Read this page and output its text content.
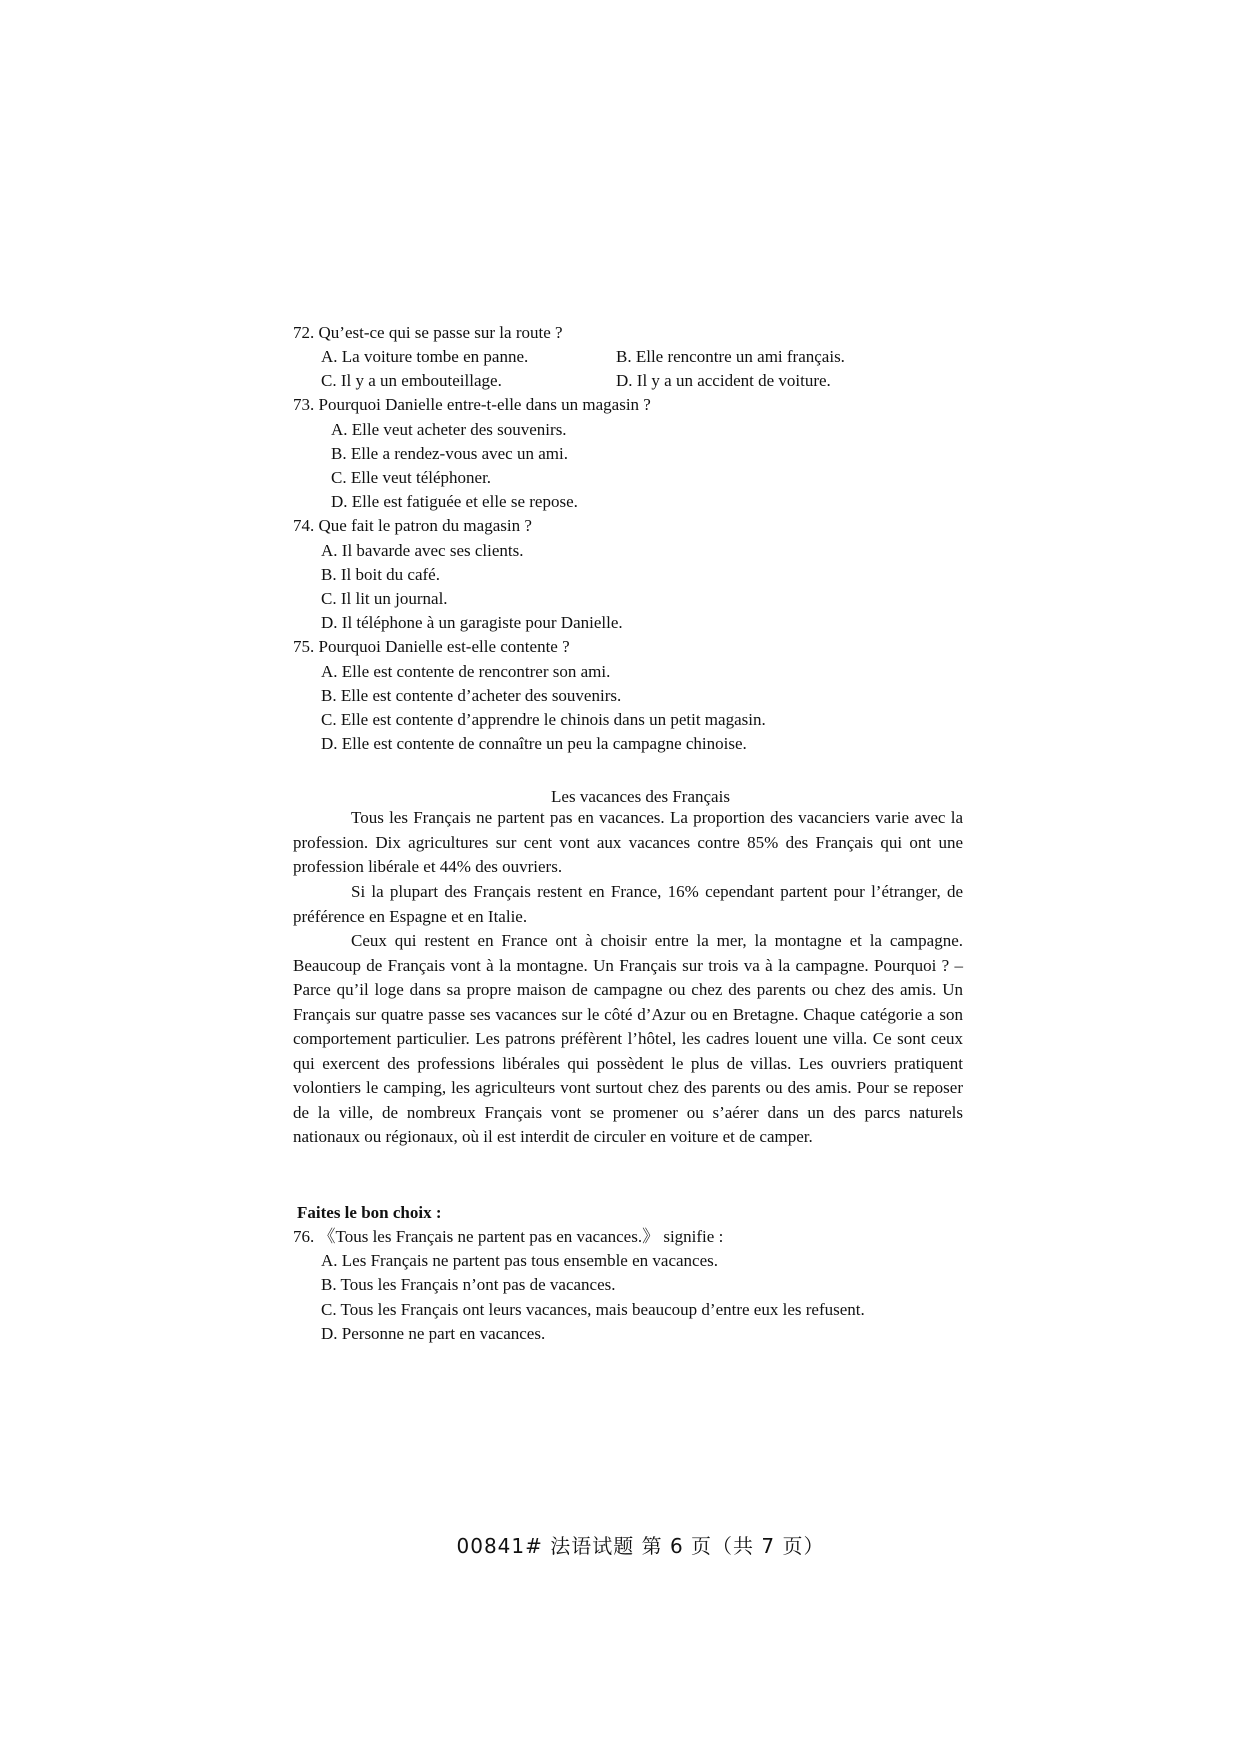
72. Qu’est-ce qui se passe sur la route ?
A. La voiture tombe en panne.	B. Elle rencontre un ami français.
C. Il y a un embouteillage.	D. Il y a un accident de voiture.
73. Pourquoi Danielle entre-t-elle dans un magasin ?
A. Elle veut acheter des souvenirs.
B. Elle a rendez-vous avec un ami.
C. Elle veut téléphoner.
D. Elle est fatiguée et elle se repose.
74. Que fait le patron du magasin ?
A. Il bavarde avec ses clients.
B. Il boit du café.
C. Il lit un journal.
D. Il téléphone à un garagiste pour Danielle.
75. Pourquoi Danielle est-elle contente ?
A. Elle est contente de rencontrer son ami.
B. Elle est contente d’acheter des souvenirs.
C. Elle est contente d’apprendre le chinois dans un petit magasin.
D. Elle est contente de connaître un peu la campagne chinoise.
Les vacances des Français
Tous les Français ne partent pas en vacances. La proportion des vacanciers varie avec la profession. Dix agricultures sur cent vont aux vacances contre 85% des Français qui ont une profession libérale et 44% des ouvriers.
Si la plupart des Français restent en France, 16% cependant partent pour l’étranger, de préférence en Espagne et en Italie.
Ceux qui restent en France ont à choisir entre la mer, la montagne et la campagne. Beaucoup de Français vont à la montagne. Un Français sur trois va à la campagne. Pourquoi ? – Parce qu’il loge dans sa propre maison de campagne ou chez des parents ou chez des amis. Un Français sur quatre passe ses vacances sur le côté d’Azur ou en Bretagne. Chaque catégorie a son comportement particulier. Les patrons préfèrent l’hôtel, les cadres louent une villa. Ce sont ceux qui exercent des professions libérales qui possèdent le plus de villas. Les ouvriers pratiquent volontiers le camping, les agriculteurs vont surtout chez des parents ou des amis. Pour se reposer de la ville, de nombreux Français vont se promener ou s’aérer dans un des parcs naturels nationaux ou régionaux, où il est interdit de circuler en voiture et de camper.
Faites le bon choix :
76. 《Tous les Français ne partent pas en vacances.》 signifie :
A. Les Français ne partent pas tous ensemble en vacances.
B. Tous les Français n’ont pas de vacances.
C. Tous les Français ont leurs vacances, mais beaucoup d’entre eux les refusent.
D. Personne ne part en vacances.
00841# 法语试题 第 6 页（共 7 页）
